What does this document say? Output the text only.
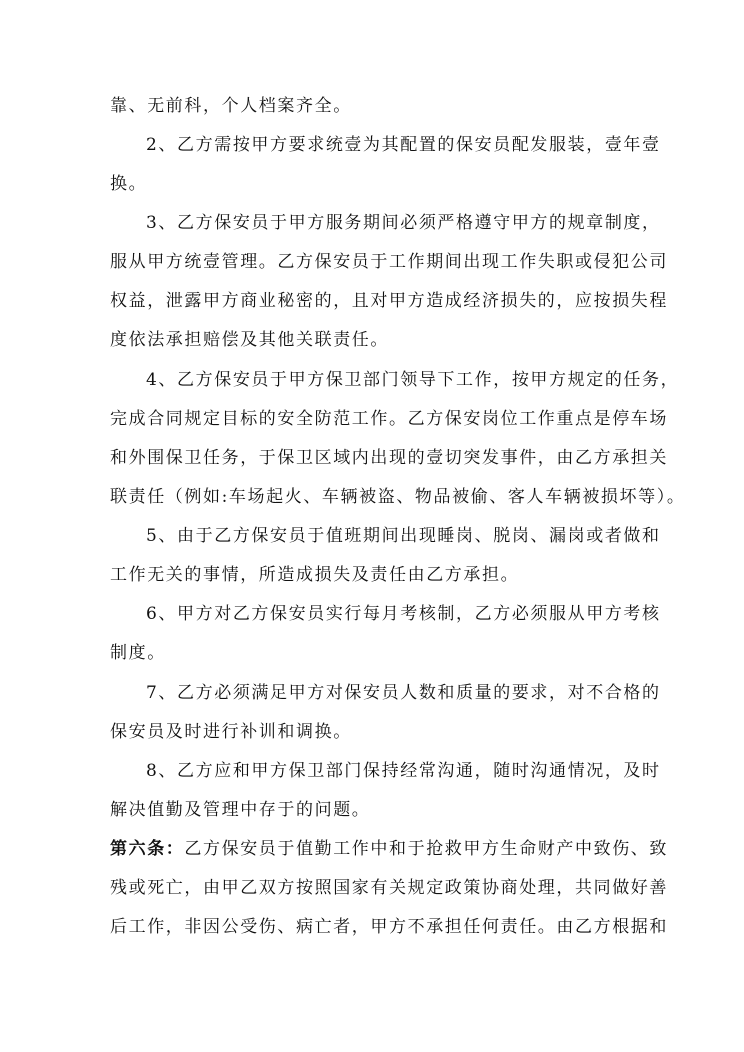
靠、无前科，个人档案齐全。
2、乙方需按甲方要求统壹为其配置的保安员配发服装，壹年壹
换。
3、乙方保安员于甲方服务期间必须严格遵守甲方的规章制度，
服从甲方统壹管理。乙方保安员于工作期间出现工作失职或侵犯公司
权益，泄露甲方商业秘密的，且对甲方造成经济损失的，应按损失程
度依法承担赔偿及其他关联责任。
4、乙方保安员于甲方保卫部门领导下工作，按甲方规定的任务，
完成合同规定目标的安全防范工作。乙方保安岗位工作重点是停车场
和外围保卫任务，于保卫区域内出现的壹切突发事件，由乙方承担关
联责任（例如:车场起火、车辆被盗、物品被偷、客人车辆被损坏等）。
5、由于乙方保安员于值班期间出现睡岗、脱岗、漏岗或者做和
工作无关的事情，所造成损失及责任由乙方承担。
6、甲方对乙方保安员实行每月考核制，乙方必须服从甲方考核
制度。
7、乙方必须满足甲方对保安员人数和质量的要求，对不合格的
保安员及时进行补训和调换。
8、乙方应和甲方保卫部门保持经常沟通，随时沟通情况，及时
解决值勤及管理中存于的问题。
第六条：乙方保安员于值勤工作中和于抢救甲方生命财产中致伤、致
残或死亡，由甲乙双方按照国家有关规定政策协商处理，共同做好善
后工作，非因公受伤、病亡者，甲方不承担任何责任。由乙方根据和
